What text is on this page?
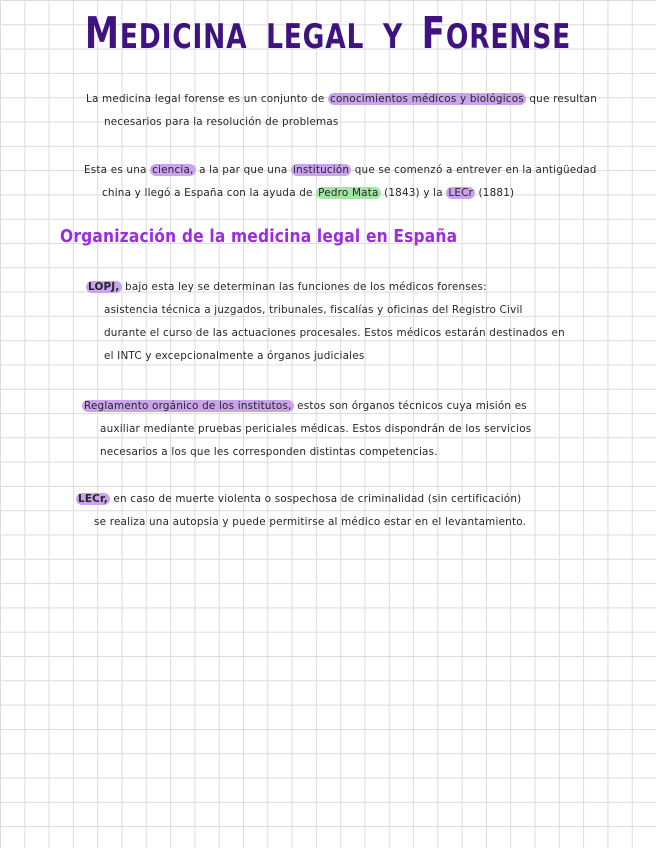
MEDICINA LEGAL Y FORENSE
La medicina legal forense es un conjunto de conocimientos médicos y biológicos que resultan
necesarios para la resolución de problemas
Esta es una ciencia, a la par que una institución que se comenzó a entrever en la antigüedad
china y llegó a España con la ayuda de Pedro Mata (1843) y la LECr (1881)
Organización de la medicina legal en España
LOPJ, bajo esta ley se determinan las funciones de los médicos forenses:
asistencia técnica a juzgados, tribunales, fiscalías y oficinas del Registro Civil
durante el curso de las actuaciones procesales. Estos médicos estarán destinados en
el INTC y excepcionalmente a órganos judiciales
Reglamento orgánico de los institutos, estos son órganos técnicos cuya misión es
auxiliar mediante pruebas periciales médicas. Estos dispondrán de los servicios
necesarios a los que les corresponden distintas competencias.
LECr, en caso de muerte violenta o sospechosa de criminalidad (sin certificación)
se realiza una autopsia y puede permitirse al médico estar en el levantamiento.
